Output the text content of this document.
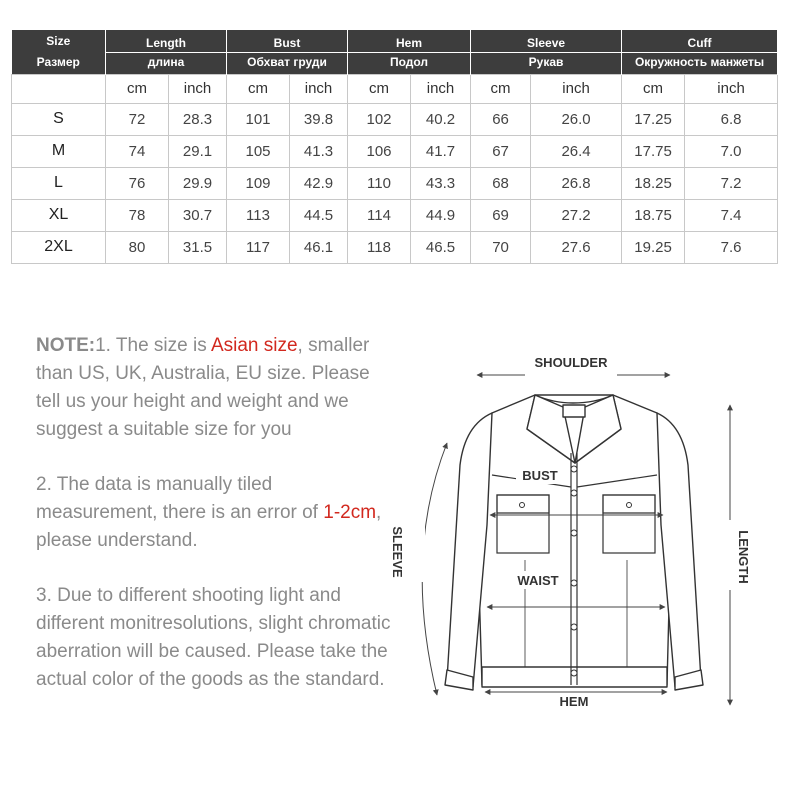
Size
Размер	Length		Bust		Hem		Sleeve		Cuff	
	длина		Обхват груди		Подол		Рукав		Окружность манжеты	
	cm	inch	cm	inch	cm	inch	cm	inch	cm	inch
S	72	28.3	101	39.8	102	40.2	66	26.0	17.25	6.8
M	74	29.1	105	41.3	106	41.7	67	26.4	17.75	7.0
L	76	29.9	109	42.9	110	43.3	68	26.8	18.25	7.2
XL	78	30.7	113	44.5	114	44.9	69	27.2	18.75	7.4
2XL	80	31.5	117	46.1	118	46.5	70	27.6	19.25	7.6

NOTE:1. The size is Asian size, smaller than US, UK, Australia, EU size. Please tell us your height and weight and we suggest a suitable size for you

2. The data is manually tiled measurement, there is an error of 1-2cm, please understand.

3. Due to different shooting light and different monitresolutions, slight chromatic aberration will be caused. Please take the actual color of the goods as the standard.

SHOULDER
LENGTH
SLEEVE
BUST
WAIST
HEM
